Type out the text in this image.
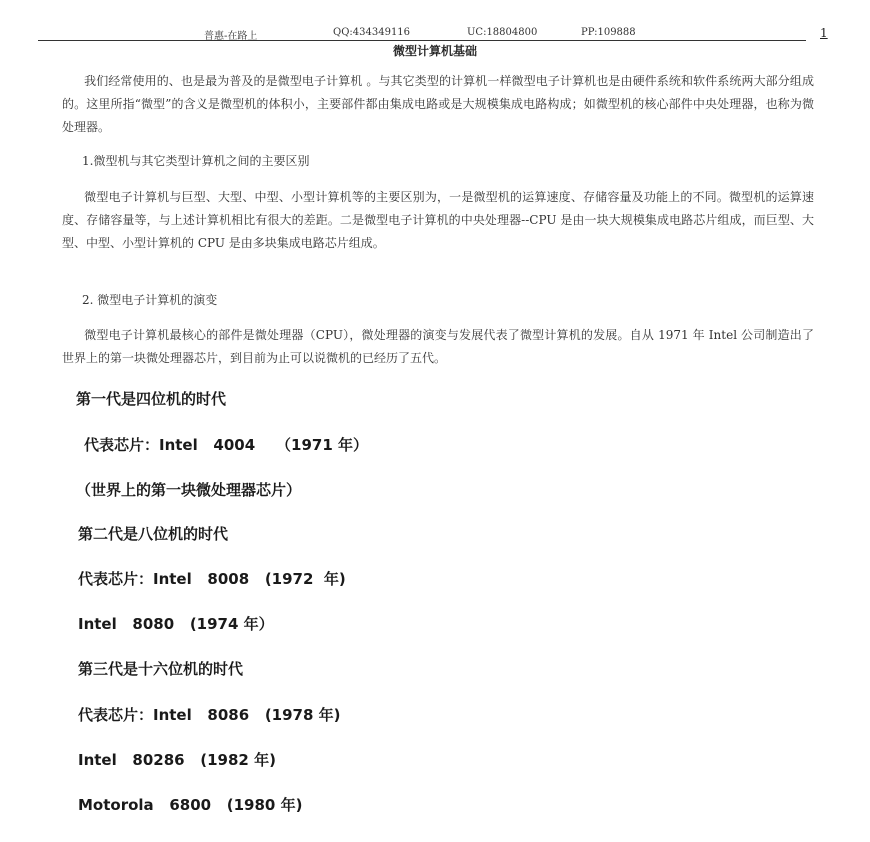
普惠-在路上	QQ:434349116	UC:18804800	PP:109888	1
微型计算机基础
我们经常使用的、也是最为普及的是微型电子计算机 。与其它类型的计算机一样微型电子计算机也是由硬件系统和软件系统两大部分组成的。这里所指“微型”的含义是微型机的体积小，主要部件都由集成电路或是大规模集成电路构成；如微型机的核心部件中央处理器，也称为微处理器。
1.微型机与其它类型计算机之间的主要区别
微型电子计算机与巨型、大型、中型、小型计算机等的主要区别为，一是微型机的运算速度、存储容量及功能上的不同。微型机的运算速度、存储容量等，与上述计算机相比有很大的差距。二是微型电子计算机的中央处理器--CPU 是由一块大规模集成电路芯片组成，而巨型、大型、中型、小型计算机的 CPU 是由多块集成电路芯片组成。
2. 微型电子计算机的演变
微型电子计算机最核心的部件是微处理器（CPU），微处理器的演变与发展代表了微型计算机的发展。自从 1971 年 Intel 公司制造出了世界上的第一块微处理器芯片，到目前为止可以说微机的已经历了五代。
第一代是四位机的时代
代表芯片：Intel   4004    （1971 年）
（世界上的第一块微处理器芯片）
第二代是八位机的时代
代表芯片：Intel   8008   (1972  年)
Intel   8080   (1974 年）
第三代是十六位机的时代
代表芯片：Intel   8086   (1978 年)
Intel   80286   (1982 年)
Motorola   6800   (1980 年)
